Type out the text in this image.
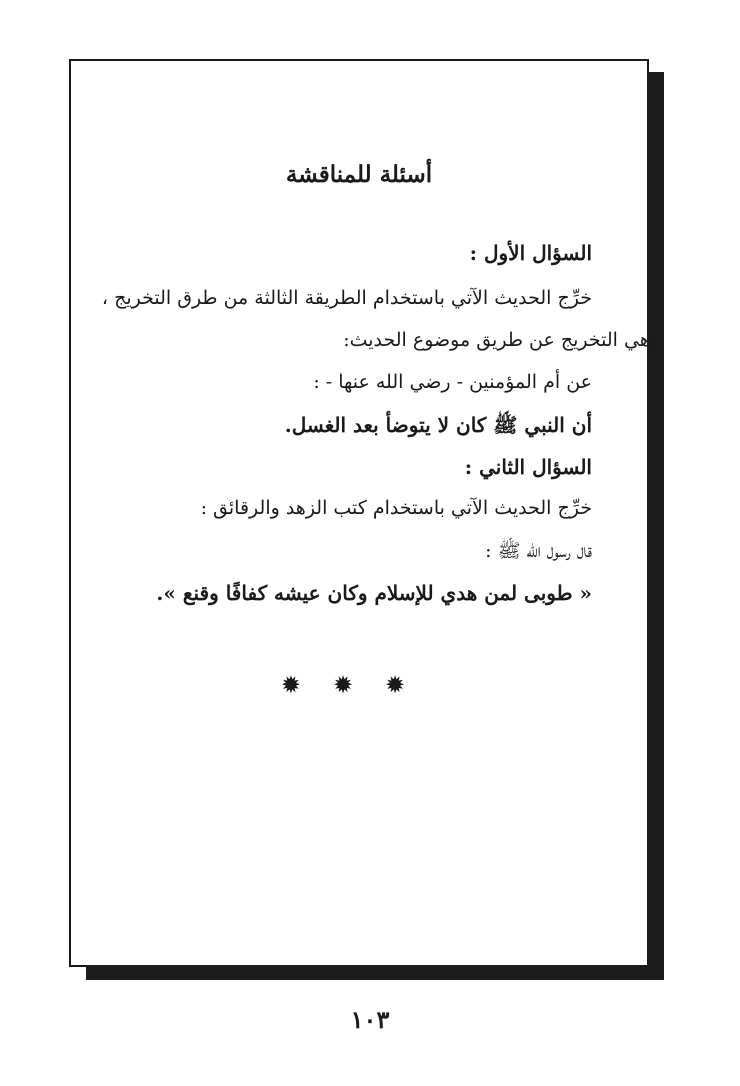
أسئلة للمناقشة
السؤال الأول :
خرِّج الحديث الآتي باستخدام الطريقة الثالثة من طرق التخريج ،
وهي التخريج عن طريق موضوع الحديث:
عن أم المؤمنين - رضي الله عنها - :
أن النبي ﷺ كان لا يتوضأ بعد الغسل.
السؤال الثاني :
خرِّج الحديث الآتي باستخدام كتب الزهد والرقائق :
قال رسول الله ﷺ :
« طوبى لمن هدي للإسلام وكان عيشه كفافًا وقنع ».
✹✹✹
١٠٣
